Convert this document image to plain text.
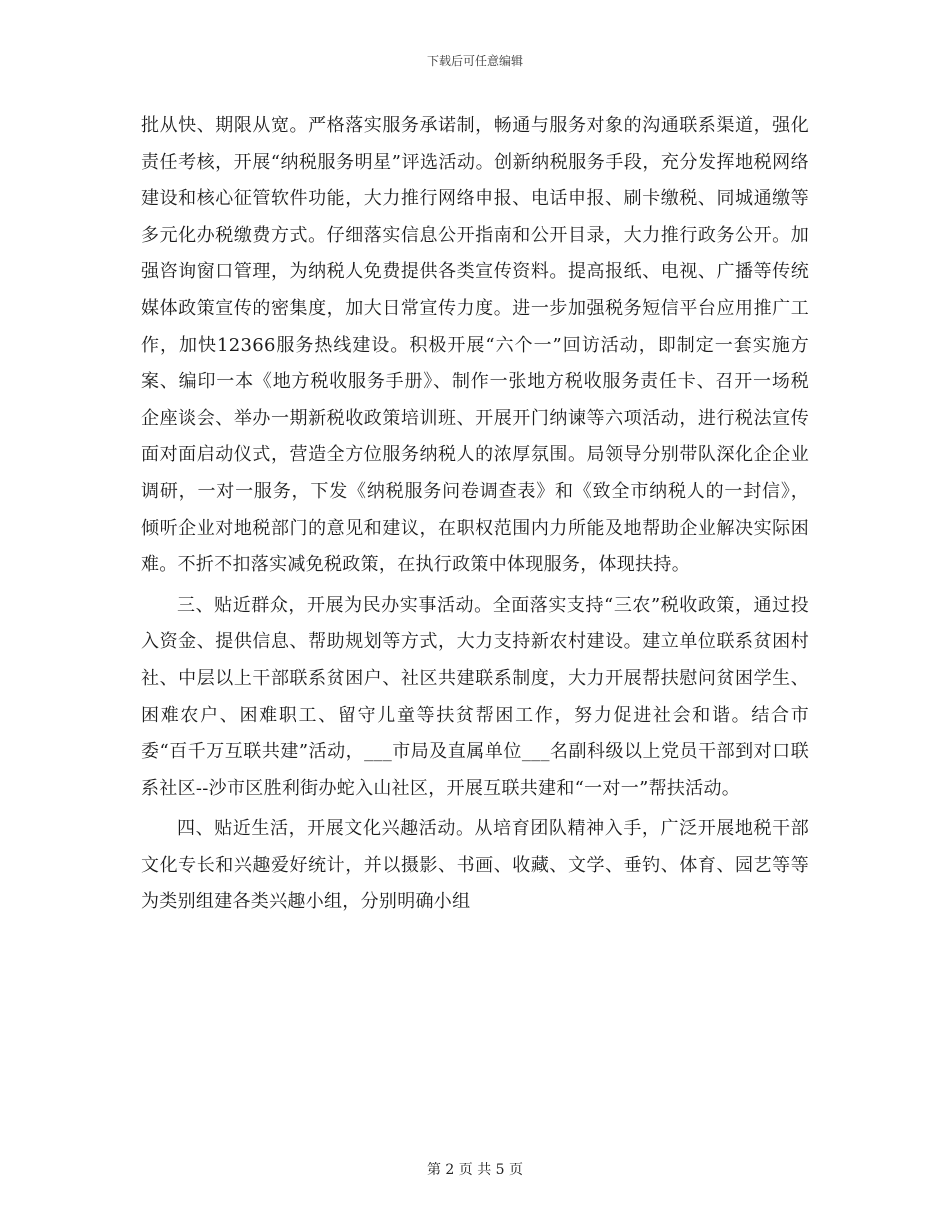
下载后可任意编辑

批从快、期限从宽。严格落实服务承诺制，畅通与服务对象的沟通联系渠道，强化责任考核，开展“纳税服务明星”评选活动。创新纳税服务手段，充分发挥地税网络建设和核心征管软件功能，大力推行网络申报、电话申报、刷卡缴税、同城通缴等多元化办税缴费方式。仔细落实信息公开指南和公开目录，大力推行政务公开。加强咨询窗口管理，为纳税人免费提供各类宣传资料。提高报纸、电视、广播等传统媒体政策宣传的密集度，加大日常宣传力度。进一步加强税务短信平台应用推广工作，加快12366服务热线建设。积极开展“六个一”回访活动，即制定一套实施方案、编印一本《地方税收服务手册》、制作一张地方税收服务责任卡、召开一场税企座谈会、举办一期新税收政策培训班、开展开门纳谏等六项活动，进行税法宣传面对面启动仪式，营造全方位服务纳税人的浓厚氛围。局领导分别带队深化企企业调研，一对一服务，下发《纳税服务问卷调查表》和《致全市纳税人的一封信》，倾听企业对地税部门的意见和建议，在职权范围内力所能及地帮助企业解决实际困难。不折不扣落实减免税政策，在执行政策中体现服务，体现扶持。

三、贴近群众，开展为民办实事活动。全面落实支持“三农”税收政策，通过投入资金、提供信息、帮助规划等方式，大力支持新农村建设。建立单位联系贫困村社、中层以上干部联系贫困户、社区共建联系制度，大力开展帮扶慰问贫困学生、困难农户、困难职工、留守儿童等扶贫帮困工作，努力促进社会和谐。结合市委“百千万互联共建”活动，___市局及直属单位___名副科级以上党员干部到对口联系社区--沙市区胜利街办蛇入山社区，开展互联共建和“一对一”帮扶活动。

四、贴近生活，开展文化兴趣活动。从培育团队精神入手，广泛开展地税干部文化专长和兴趣爱好统计，并以摄影、书画、收藏、文学、垂钓、体育、园艺等等为类别组建各类兴趣小组，分别明确小组

第 2 页 共 5 页
